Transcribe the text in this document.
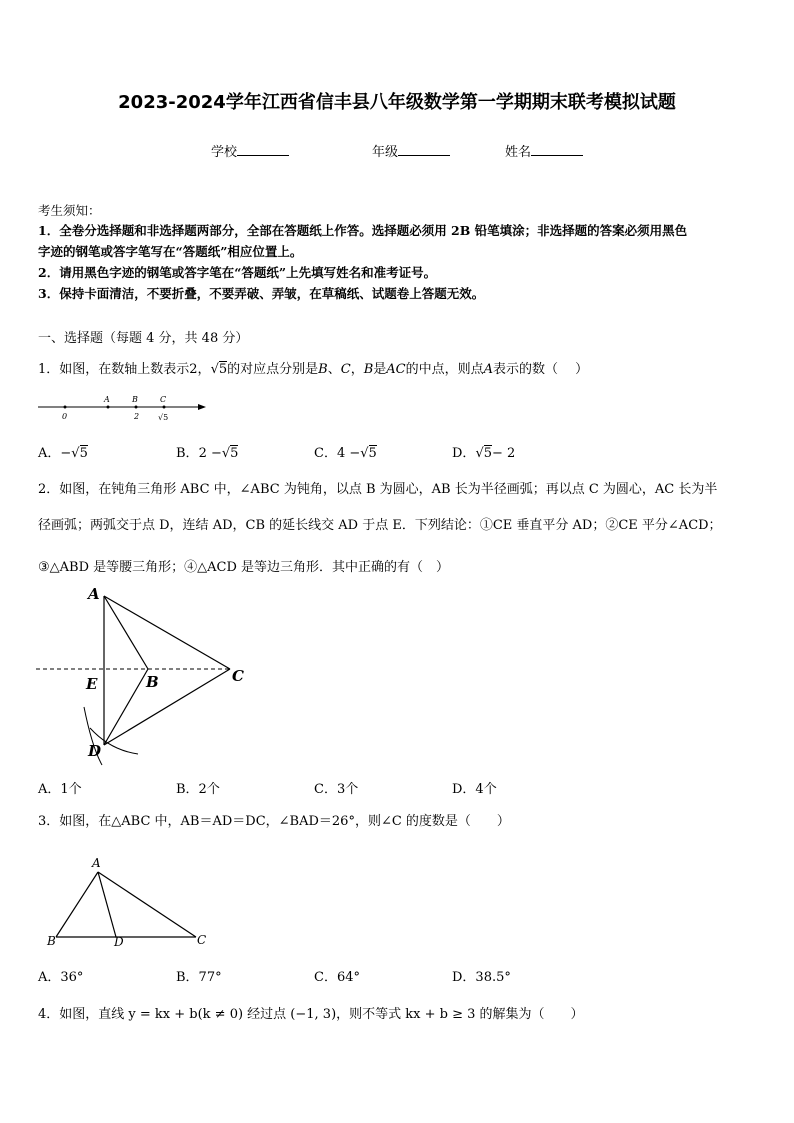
2023-2024学年江西省信丰县八年级数学第一学期期末联考模拟试题
学校	年级	姓名
考生须知：
1．全卷分选择题和非选择题两部分，全部在答题纸上作答。选择题必须用 2B 铅笔填涂；非选择题的答案必须用黑色
字迹的钢笔或答字笔写在“答题纸”相应位置上。
2．请用黑色字迹的钢笔或答字笔在“答题纸”上先填写姓名和准考证号。
3．保持卡面清洁，不要折叠，不要弄破、弄皱，在草稿纸、试题卷上答题无效。
一、选择题（每题 4 分，共 48 分）
1．如图，在数轴上数表示2，√5的对应点分别是B、C，B是AC的中点，则点A表示的数（　 ）
0
A	B
2
C
√5
A．−√5	B．2 −√5	C．4 −√5	D．√5− 2
2．如图，在钝角三角形 ABC 中，∠ABC 为钝角，以点 B 为圆心，AB 长为半径画弧；再以点 C 为圆心，AC 长为半
径画弧；两弧交于点 D，连结 AD，CB 的延长线交 AD 于点 E．下列结论：①CE 垂直平分 AD；②CE 平分∠ACD；
③△ABD 是等腰三角形；④△ACD 是等边三角形．其中正确的有（　）
A
E	B	C
D
A．1个	B．2个	C．3个	D．4个
3．如图，在△ABC 中，AB＝AD＝DC，∠BAD＝26°，则∠C 的度数是（　　）
A
B	D	C
A．36°	B．77°	C．64°	D．38.5°
4．如图，直线 y = kx + b(k ≠ 0) 经过点 (−1, 3)，则不等式 kx + b ≥ 3 的解集为（　　）
